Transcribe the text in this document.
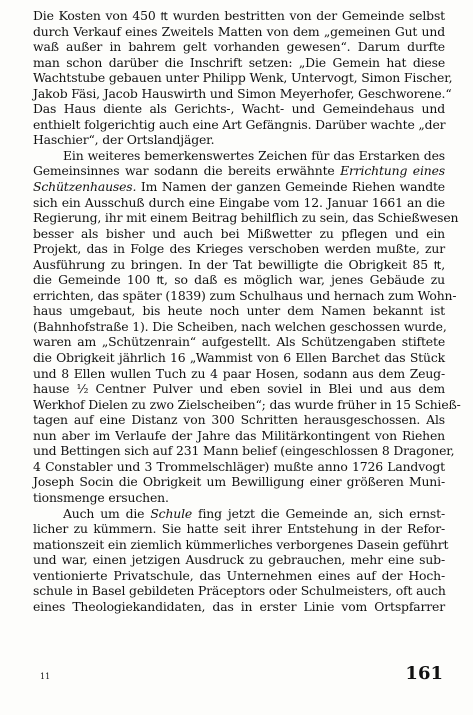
Die Kosten von 450 ₶ wurden bestritten von der Gemeinde selbst
durch Verkauf eines Zweitels Matten von dem „gemeinen Gut und
waß außer in bahrem gelt vorhanden gewesen“. Darum durfte
man schon darüber die Inschrift setzen: „Die Gemein hat diese
Wachtstube gebauen unter Philipp Wenk, Untervogt, Simon Fischer,
Jakob Fäsi, Jacob Hauswirth und Simon Meyerhofer, Geschworene.“
Das Haus diente als Gerichts-, Wacht- und Gemeindehaus und
enthielt folgerichtig auch eine Art Gefängnis. Darüber wachte „der
Haschier“, der Ortslandjäger.
Ein weiteres bemerkenswertes Zeichen für das Erstarken des
Gemeinsinnes war sodann die bereits erwähnte Errichtung eines
Schützenhauses. Im Namen der ganzen Gemeinde Riehen wandte
sich ein Ausschuß durch eine Eingabe vom 12. Januar 1661 an die
Regierung, ihr mit einem Beitrag behilflich zu sein, das Schießwesen
besser als bisher und auch bei Mißwetter zu pflegen und ein
Projekt, das in Folge des Krieges verschoben werden mußte, zur
Ausführung zu bringen. In der Tat bewilligte die Obrigkeit 85 ₶,
die Gemeinde 100 ₶, so daß es möglich war, jenes Gebäude zu
errichten, das später (1839) zum Schulhaus und hernach zum Wohn-
haus umgebaut, bis heute noch unter dem Namen bekannt ist
(Bahnhofstraße 1). Die Scheiben, nach welchen geschossen wurde,
waren am „Schützenrain“ aufgestellt. Als Schützengaben stiftete
die Obrigkeit jährlich 16 „Wammist von 6 Ellen Barchet das Stück
und 8 Ellen wullen Tuch zu 4 paar Hosen, sodann aus dem Zeug-
hause ½ Centner Pulver und eben soviel in Blei und aus dem
Werkhof Dielen zu zwo Zielscheiben“; das wurde früher in 15 Schieß-
tagen auf eine Distanz von 300 Schritten herausgeschossen. Als
nun aber im Verlaufe der Jahre das Militärkontingent von Riehen
und Bettingen sich auf 231 Mann belief (eingeschlossen 8 Dragoner,
4 Constabler und 3 Trommelschläger) mußte anno 1726 Landvogt
Joseph Socin die Obrigkeit um Bewilligung einer größeren Muni-
tionsmenge ersuchen.
Auch um die Schule fing jetzt die Gemeinde an, sich ernst-
licher zu kümmern. Sie hatte seit ihrer Entstehung in der Refor-
mationszeit ein ziemlich kümmerliches verborgenes Dasein geführt
und war, einen jetzigen Ausdruck zu gebrauchen, mehr eine sub-
ventionierte Privatschule, das Unternehmen eines auf der Hoch-
schule in Basel gebildeten Präceptors oder Schulmeisters, oft auch
eines Theologiekandidaten, das in erster Linie vom Ortspfarrer
11	161
